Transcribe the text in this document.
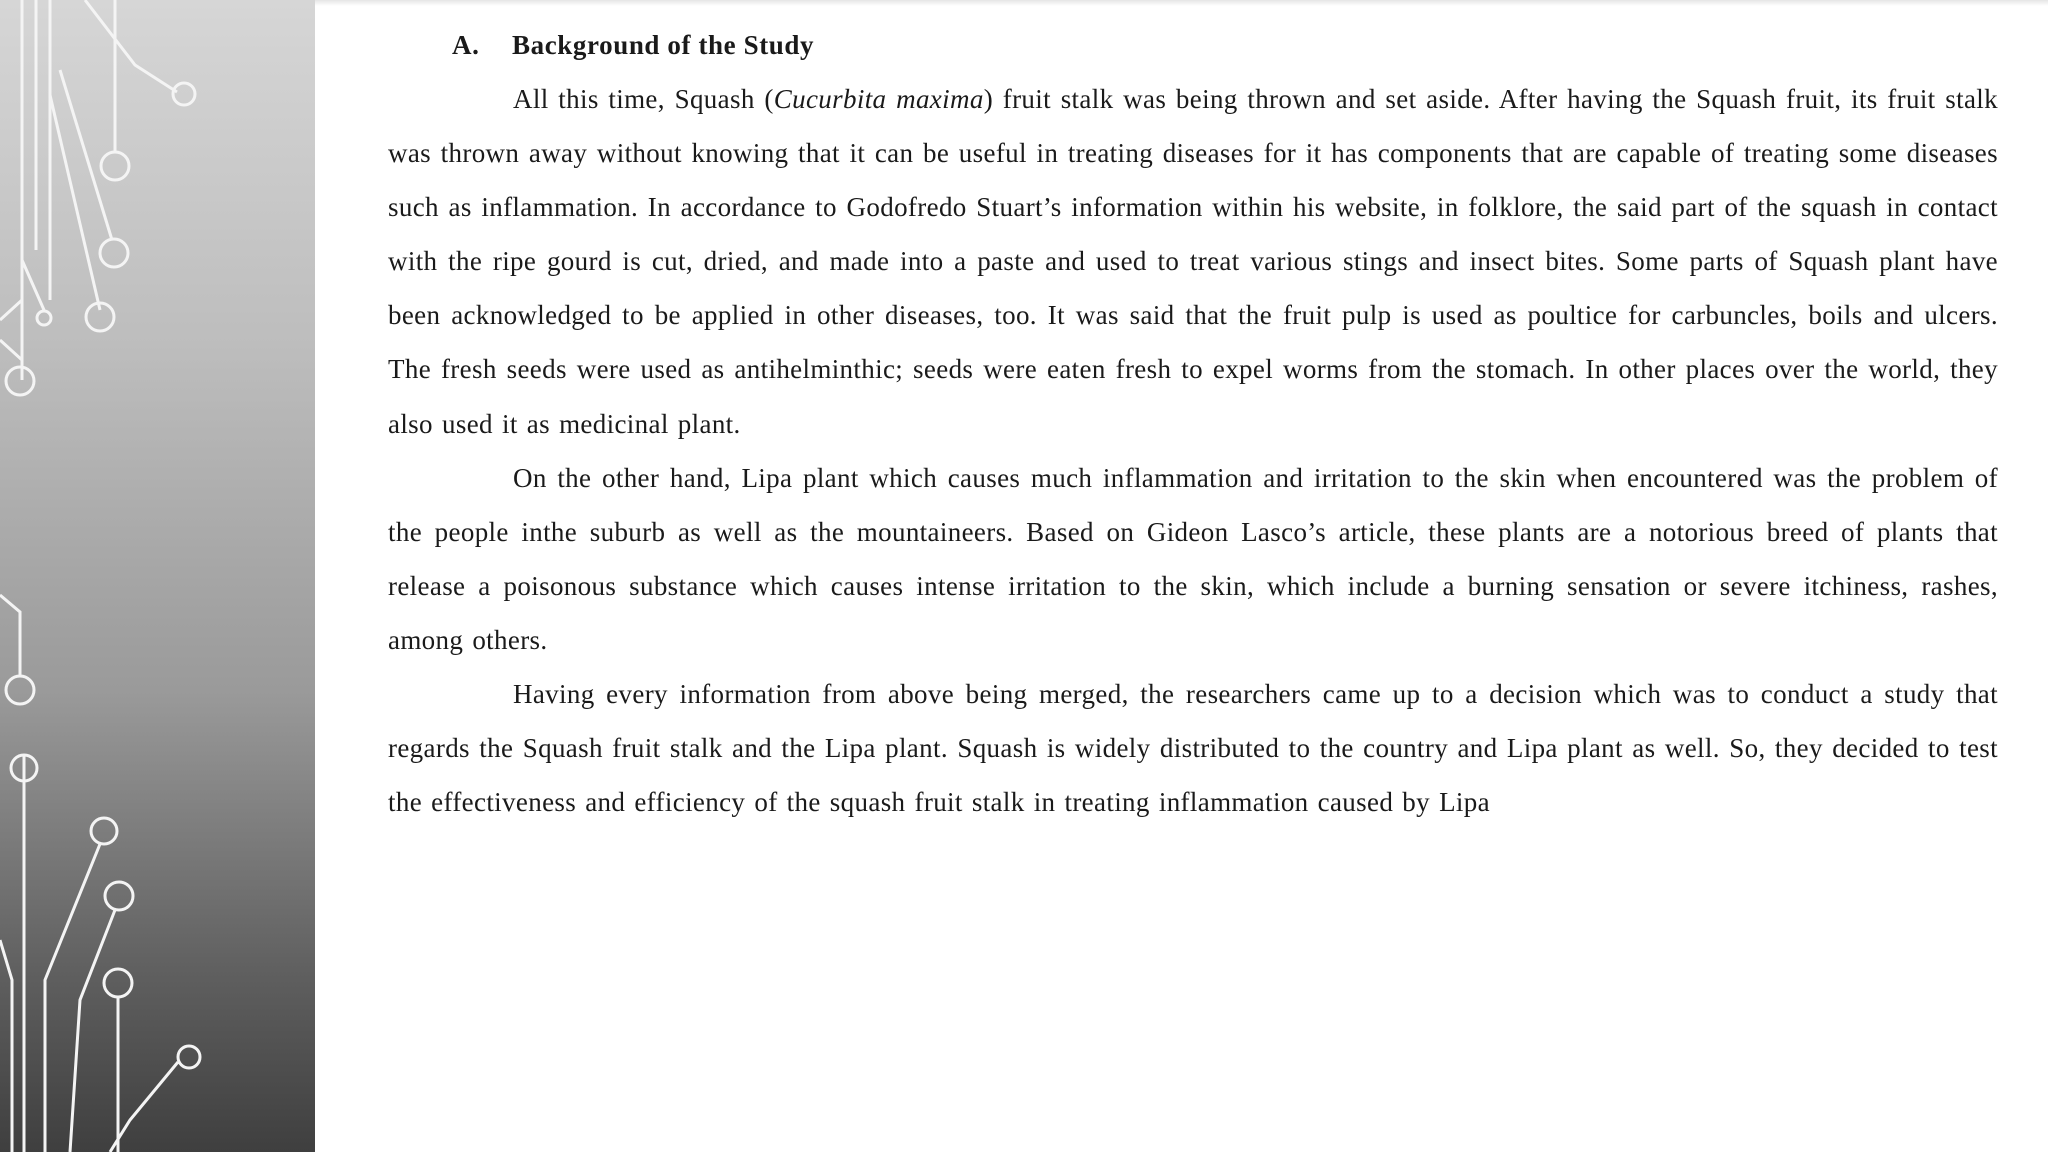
A. Background of the Study

All this time, Squash (Cucurbita maxima) fruit stalk was being thrown and set aside. After having the Squash fruit, its fruit stalk was thrown away without knowing that it can be useful in treating diseases for it has components that are capable of treating some diseases such as inflammation. In accordance to Godofredo Stuart’s information within his website, in folklore, the said part of the squash in contact with the ripe gourd is cut, dried, and made into a paste and used to treat various stings and insect bites. Some parts of Squash plant have been acknowledged to be applied in other diseases, too. It was said that the fruit pulp is used as poultice for carbuncles, boils and ulcers. The fresh seeds were used as antihelminthic; seeds were eaten fresh to expel worms from the stomach. In other places over the world, they also used it as medicinal plant.

On the other hand, Lipa plant which causes much inflammation and irritation to the skin when encountered was the problem of the people inthe suburb as well as the mountaineers. Based on Gideon Lasco’s article, these plants are a notorious breed of plants that release a poisonous substance which causes intense irritation to the skin, which include a burning sensation or severe itchiness, rashes, among others.

Having every information from above being merged, the researchers came up to a decision which was to conduct a study that regards the Squash fruit stalk and the Lipa plant. Squash is widely distributed to the country and Lipa plant as well. So, they decided to test the effectiveness and efficiency of the squash fruit stalk in treating inflammation caused by Lipa
